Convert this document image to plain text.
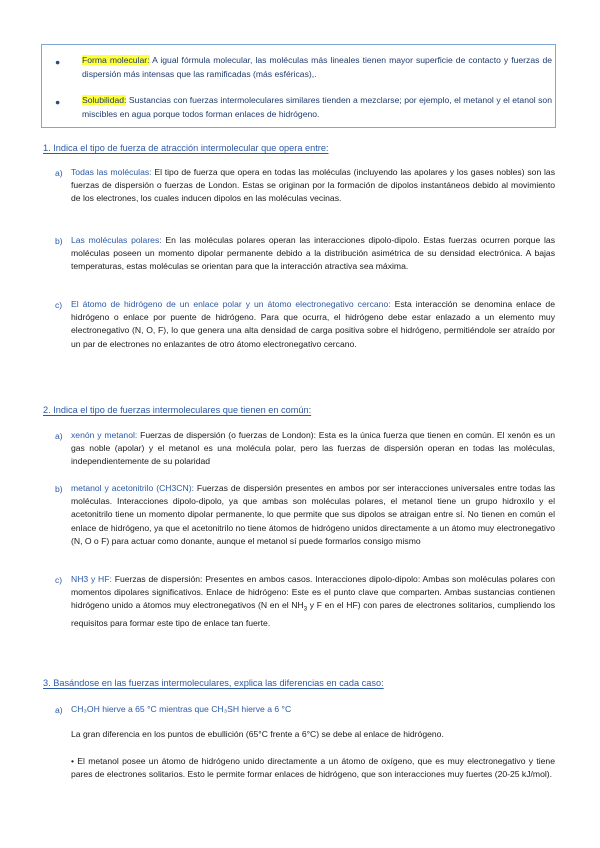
●	Forma molecular: A igual fórmula molecular, las moléculas más lineales tienen mayor superficie de contacto y fuerzas de dispersión más intensas que las ramificadas (más esféricas),.
●	Solubilidad: Sustancias con fuerzas intermoleculares similares tienden a mezclarse; por ejemplo, el metanol y el etanol son miscibles en agua porque todos forman enlaces de hidrógeno.
1. Indica el tipo de fuerza de atracción intermolecular que opera entre:
a) Todas las moléculas: El tipo de fuerza que opera en todas las moléculas (incluyendo las apolares y los gases nobles) son las fuerzas de dispersión o fuerzas de London. Estas se originan por la formación de dipolos instantáneos debido al movimiento de los electrones, los cuales inducen dipolos en las moléculas vecinas.
b) Las moléculas polares: En las moléculas polares operan las interacciones dipolo-dipolo. Estas fuerzas ocurren porque las moléculas poseen un momento dipolar permanente debido a la distribución asimétrica de su densidad electrónica. A bajas temperaturas, estas moléculas se orientan para que la interacción atractiva sea máxima.
c) El átomo de hidrógeno de un enlace polar y un átomo electronegativo cercano: Esta interacción se denomina enlace de hidrógeno o enlace por puente de hidrógeno. Para que ocurra, el hidrógeno debe estar enlazado a un elemento muy electronegativo (N, O, F), lo que genera una alta densidad de carga positiva sobre el hidrógeno, permitiéndole ser atraído por un par de electrones no enlazantes de otro átomo electronegativo cercano.
2. Indica el tipo de fuerzas intermoleculares que tienen en común:
a) xenón y metanol: Fuerzas de dispersión (o fuerzas de London): Esta es la única fuerza que tienen en común. El xenón es un gas noble (apolar) y el metanol es una molécula polar, pero las fuerzas de dispersión operan en todas las moléculas, independientemente de su polaridad
b) metanol y acetonitrilo (CH3CN): Fuerzas de dispersión presentes en ambos por ser interacciones universales entre todas las moléculas. Interacciones dipolo-dipolo, ya que ambas son moléculas polares, el metanol tiene un grupo hidroxilo y el acetonitrilo tiene un momento dipolar permanente, lo que permite que sus dipolos se atraigan entre sí. No tienen en común el enlace de hidrógeno, ya que el acetonitrilo no tiene átomos de hidrógeno unidos directamente a un átomo muy electronegativo (N, O o F) para actuar como donante, aunque el metanol sí puede formarlos consigo mismo
c) NH3 y HF: Fuerzas de dispersión: Presentes en ambos casos. Interacciones dipolo-dipolo: Ambas son moléculas polares con momentos dipolares significativos. Enlace de hidrógeno: Este es el punto clave que comparten. Ambas sustancias contienen hidrógeno unido a átomos muy electronegativos (N en el $NH_3$ y F en el HF) con pares de electrones solitarios, cumpliendo los requisitos para formar este tipo de enlace tan fuerte.
3. Basándose en las fuerzas intermoleculares, explica las diferencias en cada caso:
a) CH₃OH hierve a 65 °C mientras que CH₃SH hierve a 6 °C
La gran diferencia en los puntos de ebullición (65°C frente a 6°C) se debe al enlace de hidrógeno.
• El metanol posee un átomo de hidrógeno unido directamente a un átomo de oxígeno, que es muy electronegativo y tiene pares de electrones solitarios. Esto le permite formar enlaces de hidrógeno, que son interacciones muy fuertes (20-25 kJ/mol).
